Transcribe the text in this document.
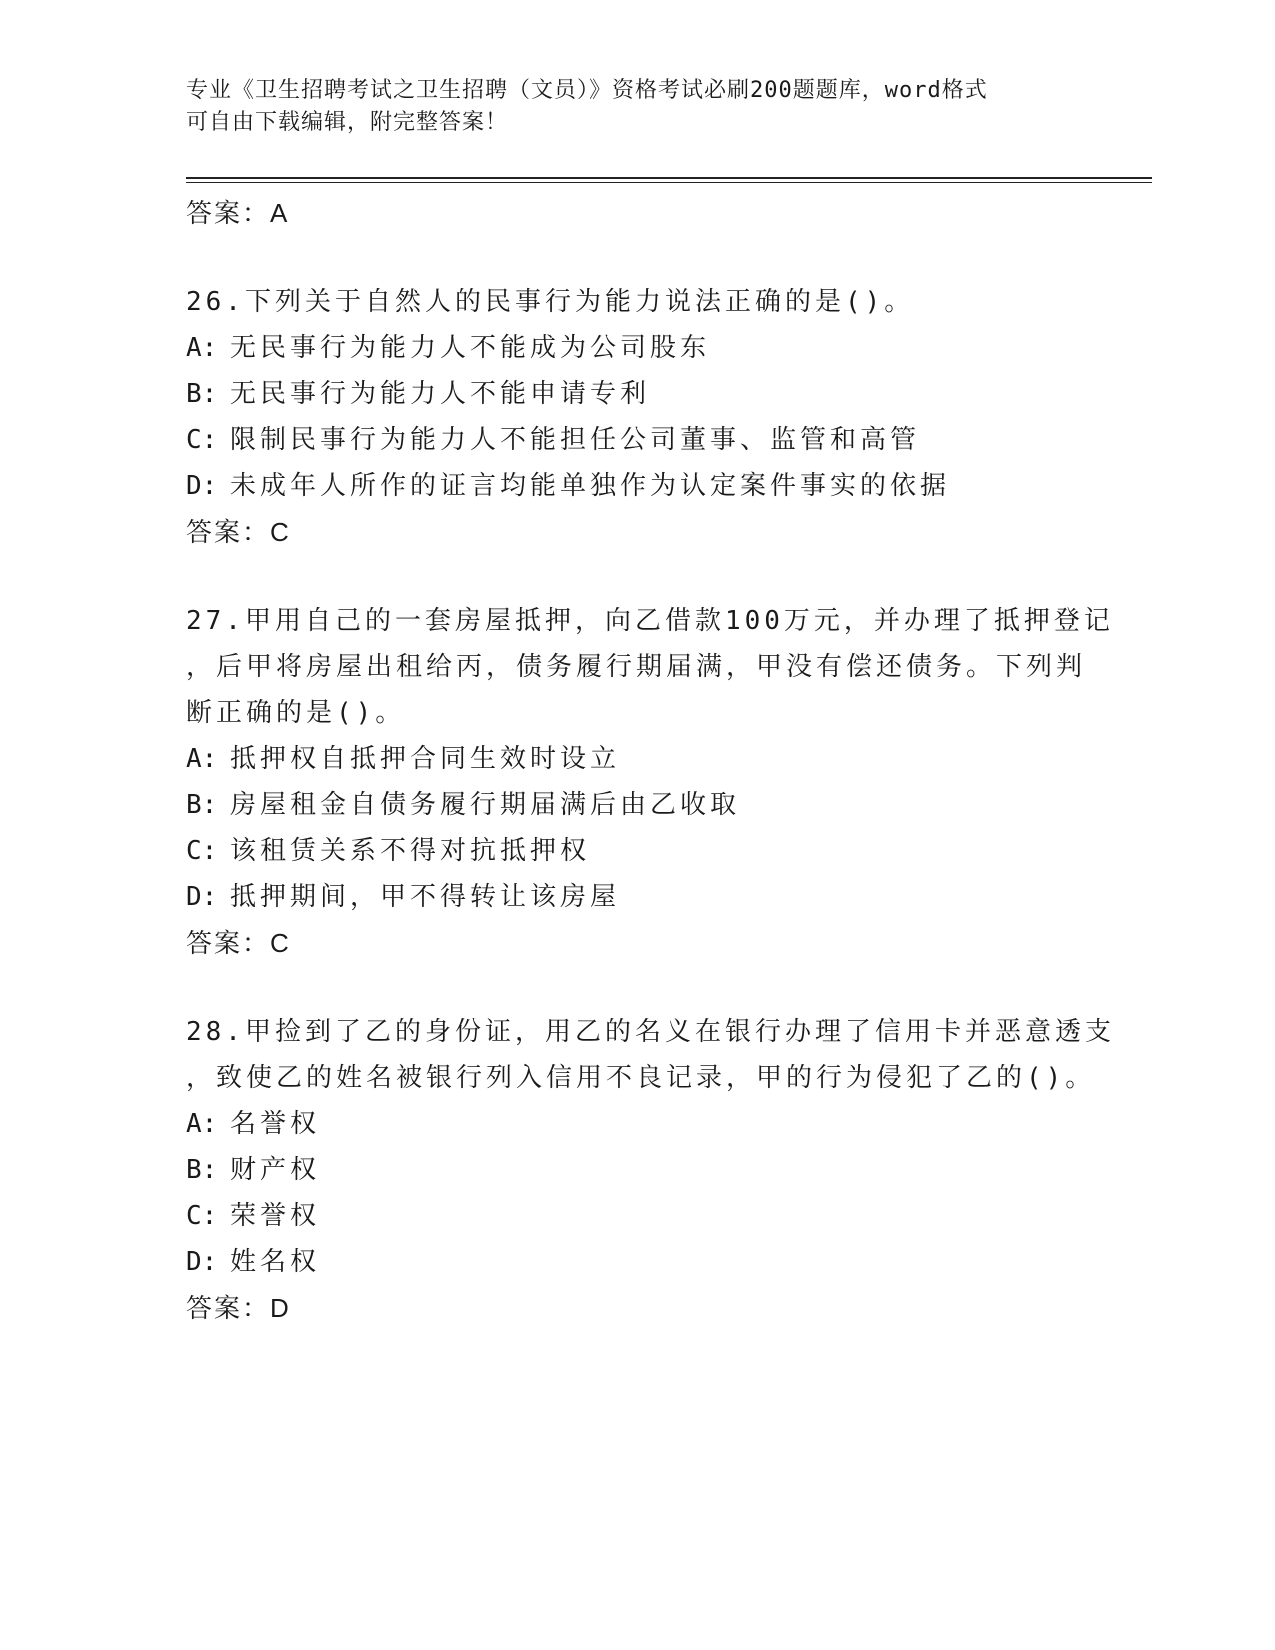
专业《卫生招聘考试之卫生招聘（文员）》资格考试必刷200题题库，word格式
可自由下载编辑，附完整答案！
答案：A
26.下列关于自然人的民事行为能力说法正确的是()。
A: 无民事行为能力人不能成为公司股东
B: 无民事行为能力人不能申请专利
C: 限制民事行为能力人不能担任公司董事、监管和高管
D: 未成年人所作的证言均能单独作为认定案件事实的依据
答案：C
27.甲用自己的一套房屋抵押，向乙借款100万元，并办理了抵押登记
，后甲将房屋出租给丙，债务履行期届满，甲没有偿还债务。下列判
断正确的是()。
A: 抵押权自抵押合同生效时设立
B: 房屋租金自债务履行期届满后由乙收取
C: 该租赁关系不得对抗抵押权
D: 抵押期间，甲不得转让该房屋
答案：C
28.甲捡到了乙的身份证，用乙的名义在银行办理了信用卡并恶意透支
，致使乙的姓名被银行列入信用不良记录，甲的行为侵犯了乙的()。
A: 名誉权
B: 财产权
C: 荣誉权
D: 姓名权
答案：D
